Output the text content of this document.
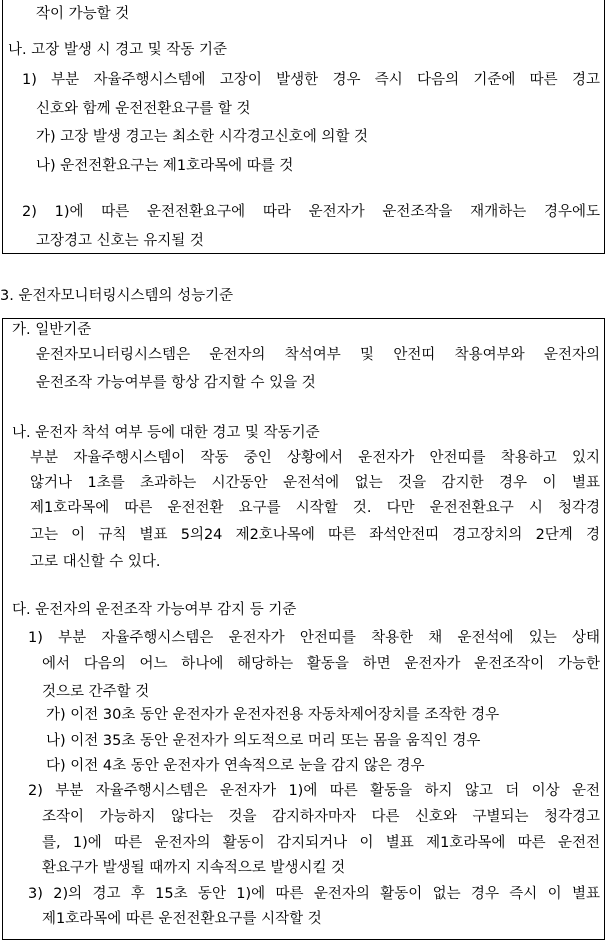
작이 가능할 것

나. 고장 발생 시 경고 및 작동 기준

1) 부분 자율주행시스템에 고장이 발생한 경우 즉시 다음의 기준에 따른 경고

신호와 함께 운전전환요구를 할 것

가) 고장 발생 경고는 최소한 시각경고신호에 의할 것

나) 운전전환요구는 제1호라목에 따를 것

2) 1)에 따른 운전전환요구에 따라 운전자가 운전조작을 재개하는 경우에도

고장경고 신호는 유지될 것

3. 운전자모니터링시스템의 성능기준

가. 일반기준

운전자모니터링시스템은 운전자의 착석여부 및 안전띠 착용여부와 운전자의

운전조작 가능여부를 항상 감지할 수 있을 것

나. 운전자 착석 여부 등에 대한 경고 및 작동기준

부분 자율주행시스템이 작동 중인 상황에서 운전자가 안전띠를 착용하고 있지

않거나 1초를 초과하는 시간동안 운전석에 없는 것을 감지한 경우 이 별표

제1호라목에 따른 운전전환 요구를 시작할 것. 다만 운전전환요구 시 청각경

고는 이 규칙 별표 5의24 제2호나목에 따른 좌석안전띠 경고장치의 2단계 경

고로 대신할 수 있다.

다. 운전자의 운전조작 가능여부 감지 등 기준

1) 부분 자율주행시스템은 운전자가 안전띠를 착용한 채 운전석에 있는 상태

에서 다음의 어느 하나에 해당하는 활동을 하면 운전자가 운전조작이 가능한

것으로 간주할 것

가) 이전 30초 동안 운전자가 운전자전용 자동차제어장치를 조작한 경우

나) 이전 35초 동안 운전자가 의도적으로 머리 또는 몸을 움직인 경우

다) 이전 4초 동안 운전자가 연속적으로 눈을 감지 않은 경우

2) 부분 자율주행시스템은 운전자가 1)에 따른 활동을 하지 않고 더 이상 운전

조작이 가능하지 않다는 것을 감지하자마자 다른 신호와 구별되는 청각경고

를, 1)에 따른 운전자의 활동이 감지되거나 이 별표 제1호라목에 따른 운전전

환요구가 발생될 때까지 지속적으로 발생시킬 것

3) 2)의 경고 후 15초 동안 1)에 따른 운전자의 활동이 없는 경우 즉시 이 별표

제1호라목에 따른 운전전환요구를 시작할 것
